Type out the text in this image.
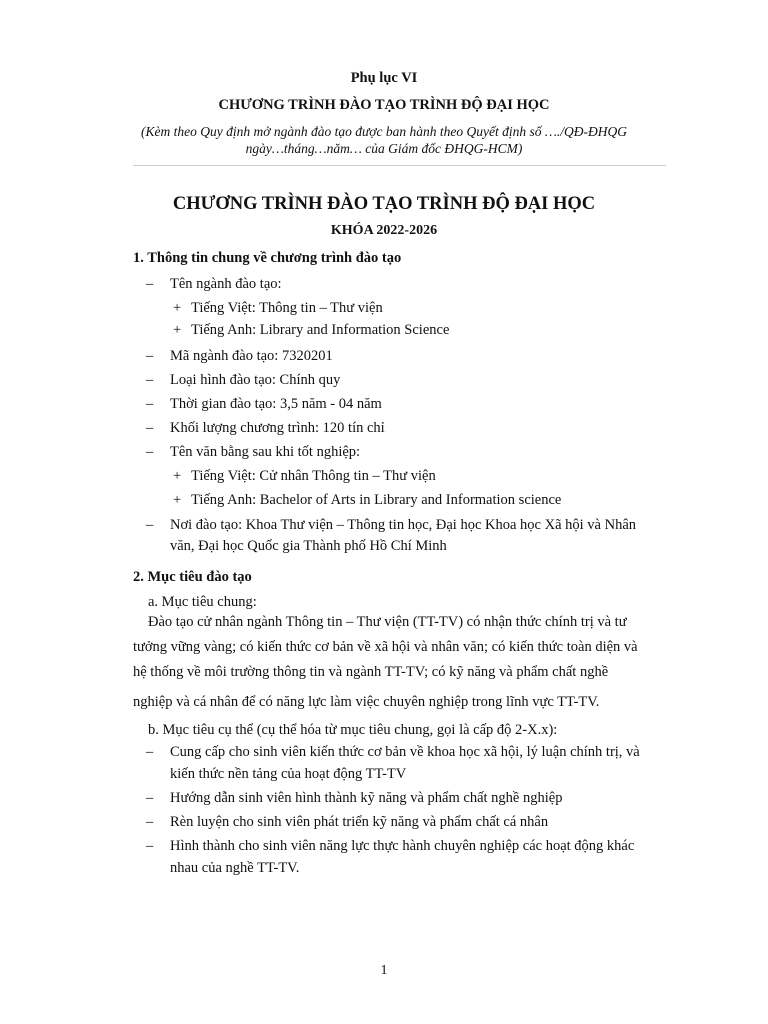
Phụ lục VI
CHƯƠNG TRÌNH ĐÀO TẠO TRÌNH ĐỘ ĐẠI HỌC
(Kèm theo Quy định mở ngành đào tạo được ban hành theo Quyết định số …./QĐ-ĐHQG
ngày…tháng…năm… của Giám đốc ĐHQG-HCM)
CHƯƠNG TRÌNH ĐÀO TẠO TRÌNH ĐỘ ĐẠI HỌC
KHÓA 2022-2026
1. Thông tin chung về chương trình đào tạo
– Tên ngành đào tạo:
+ Tiếng Việt: Thông tin – Thư viện
+ Tiếng Anh: Library and Information Science
– Mã ngành đào tạo: 7320201
– Loại hình đào tạo: Chính quy
– Thời gian đào tạo: 3,5 năm - 04 năm
– Khối lượng chương trình: 120 tín chỉ
– Tên văn bằng sau khi tốt nghiệp:
+ Tiếng Việt: Cử nhân Thông tin – Thư viện
+ Tiếng Anh: Bachelor of Arts in Library and Information science
– Nơi đào tạo: Khoa Thư viện – Thông tin học, Đại học Khoa học Xã hội và Nhân
văn, Đại học Quốc gia Thành phố Hồ Chí Minh
2. Mục tiêu đào tạo
a. Mục tiêu chung:
Đào tạo cử nhân ngành Thông tin – Thư viện (TT-TV) có nhận thức chính trị và tư
tưởng vững vàng; có kiến thức cơ bản về xã hội và nhân văn; có kiến thức toàn diện và
hệ thống về môi trường thông tin và ngành TT-TV; có kỹ năng và phẩm chất nghề
nghiệp và cá nhân để có năng lực làm việc chuyên nghiệp trong lĩnh vực TT-TV.
b. Mục tiêu cụ thể (cụ thể hóa từ mục tiêu chung, gọi là cấp độ 2-X.x):
– Cung cấp cho sinh viên kiến thức cơ bản về khoa học xã hội, lý luận chính trị, và
kiến thức nền tảng của hoạt động TT-TV
– Hướng dẫn sinh viên hình thành kỹ năng và phẩm chất nghề nghiệp
– Rèn luyện cho sinh viên phát triển kỹ năng và phẩm chất cá nhân
– Hình thành cho sinh viên năng lực thực hành chuyên nghiệp các hoạt động khác
nhau của nghề TT-TV.
1
